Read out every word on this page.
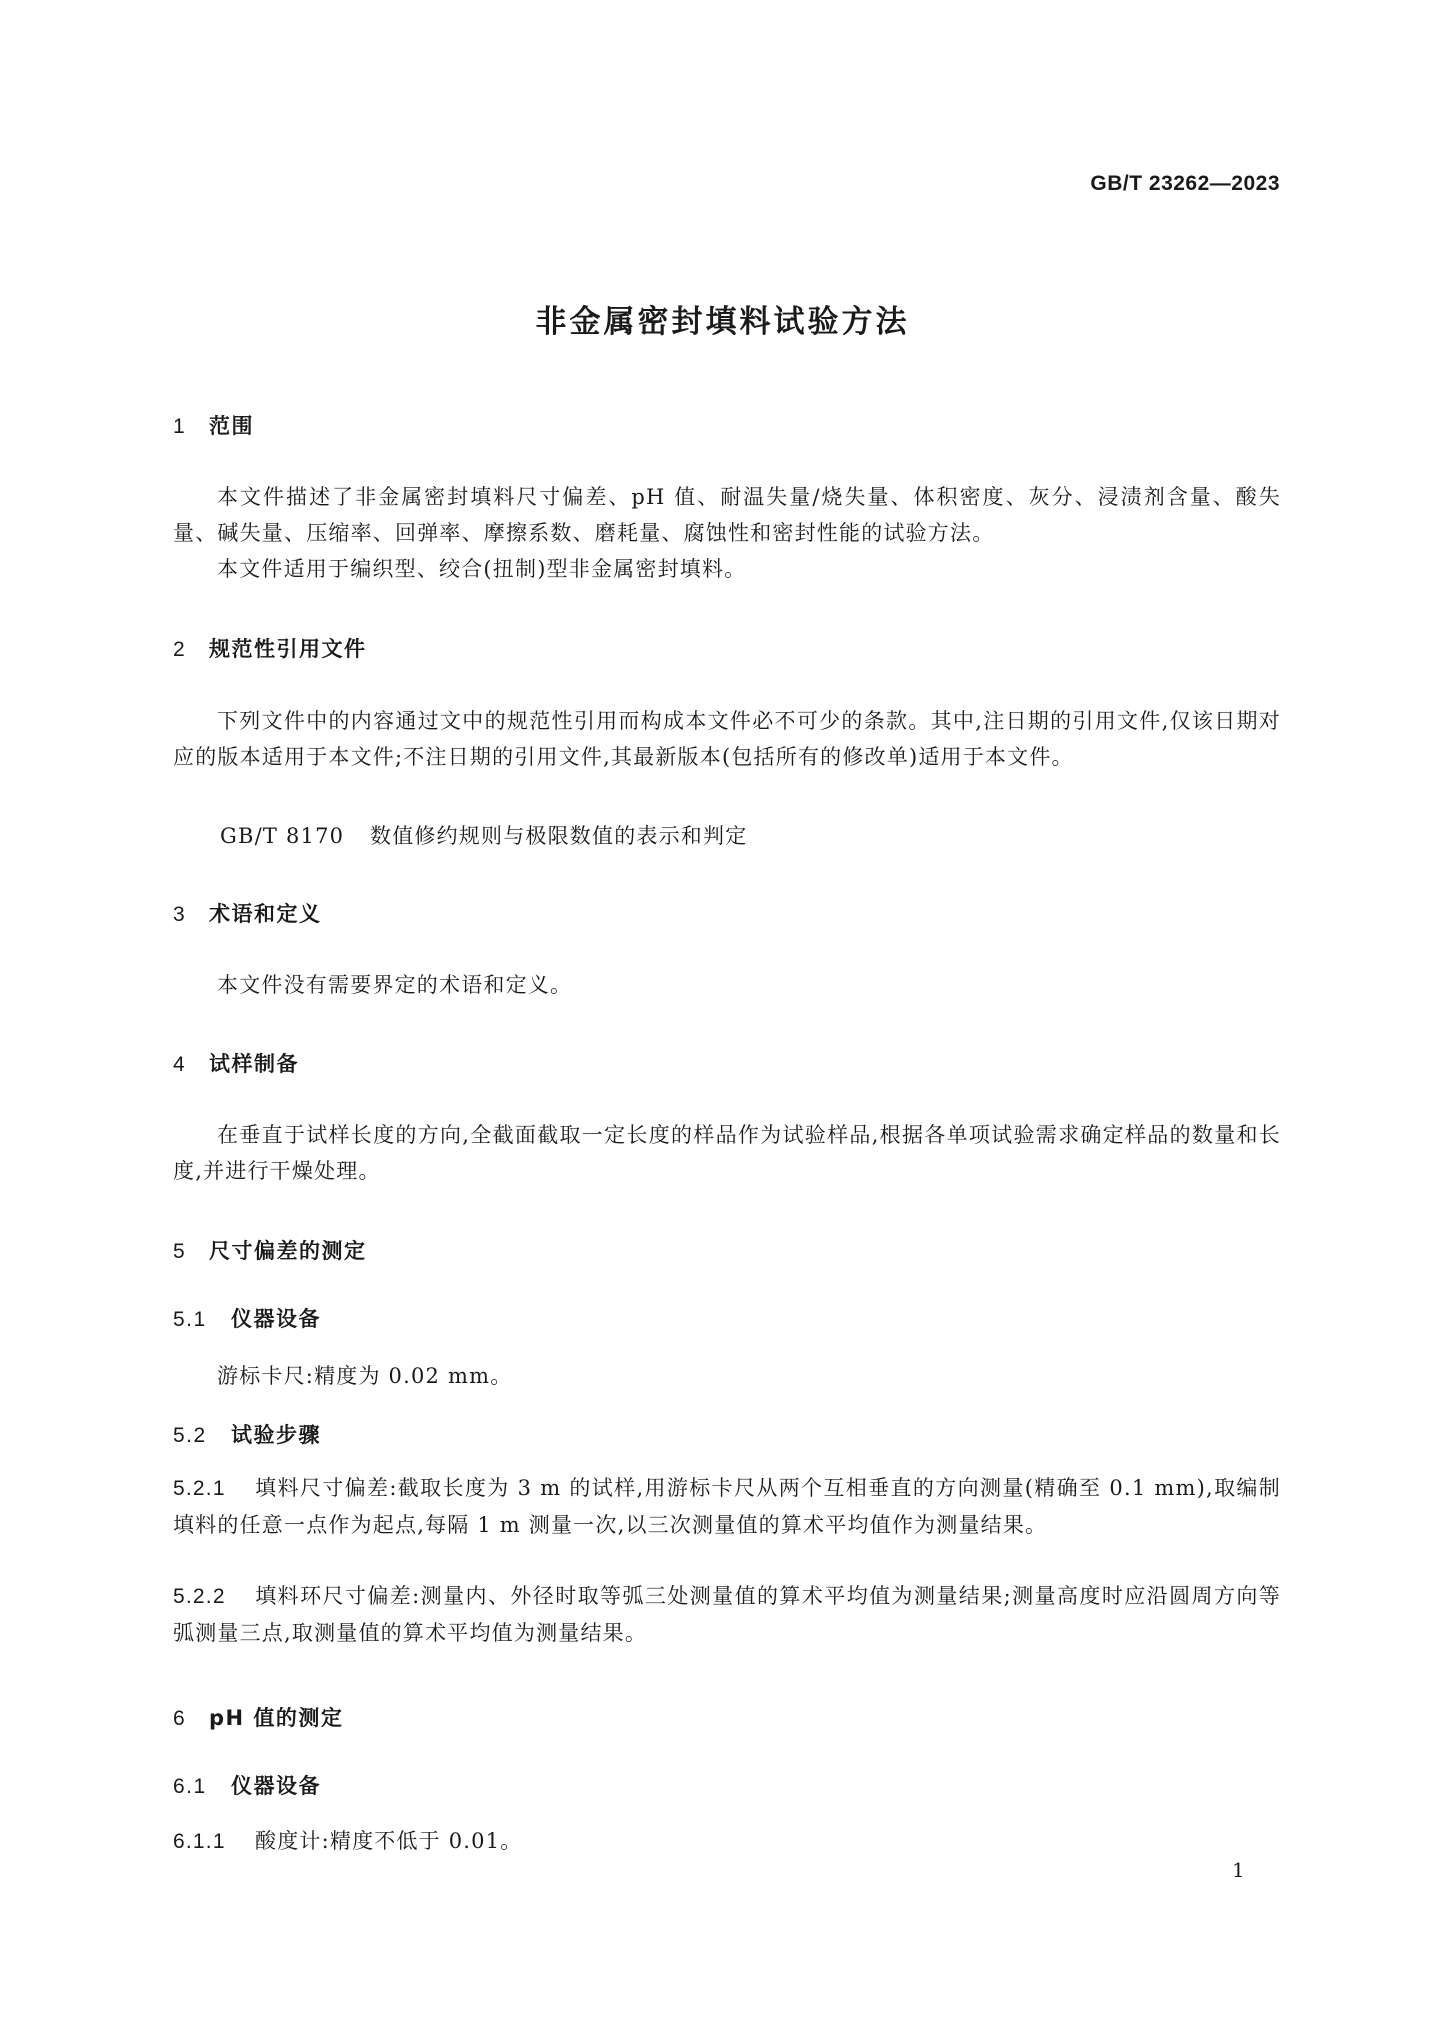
GB/T 23262—2023
非金属密封填料试验方法
1 范围
本文件描述了非金属密封填料尺寸偏差、pH 值、耐温失量/烧失量、体积密度、灰分、浸渍剂含量、酸失量、碱失量、压缩率、回弹率、摩擦系数、磨耗量、腐蚀性和密封性能的试验方法。
本文件适用于编织型、绞合(扭制)型非金属密封填料。
2 规范性引用文件
下列文件中的内容通过文中的规范性引用而构成本文件必不可少的条款。其中,注日期的引用文件,仅该日期对应的版本适用于本文件;不注日期的引用文件,其最新版本(包括所有的修改单)适用于本文件。
GB/T 8170 数值修约规则与极限数值的表示和判定
3 术语和定义
本文件没有需要界定的术语和定义。
4 试样制备
在垂直于试样长度的方向,全截面截取一定长度的样品作为试验样品,根据各单项试验需求确定样品的数量和长度,并进行干燥处理。
5 尺寸偏差的测定
5.1 仪器设备
游标卡尺:精度为 0.02 mm。
5.2 试验步骤
5.2.1 填料尺寸偏差:截取长度为 3 m 的试样,用游标卡尺从两个互相垂直的方向测量(精确至 0.1 mm),取编制填料的任意一点作为起点,每隔 1 m 测量一次,以三次测量值的算术平均值作为测量结果。
5.2.2 填料环尺寸偏差:测量内、外径时取等弧三处测量值的算术平均值为测量结果;测量高度时应沿圆周方向等弧测量三点,取测量值的算术平均值为测量结果。
6 pH 值的测定
6.1 仪器设备
6.1.1 酸度计:精度不低于 0.01。
1
